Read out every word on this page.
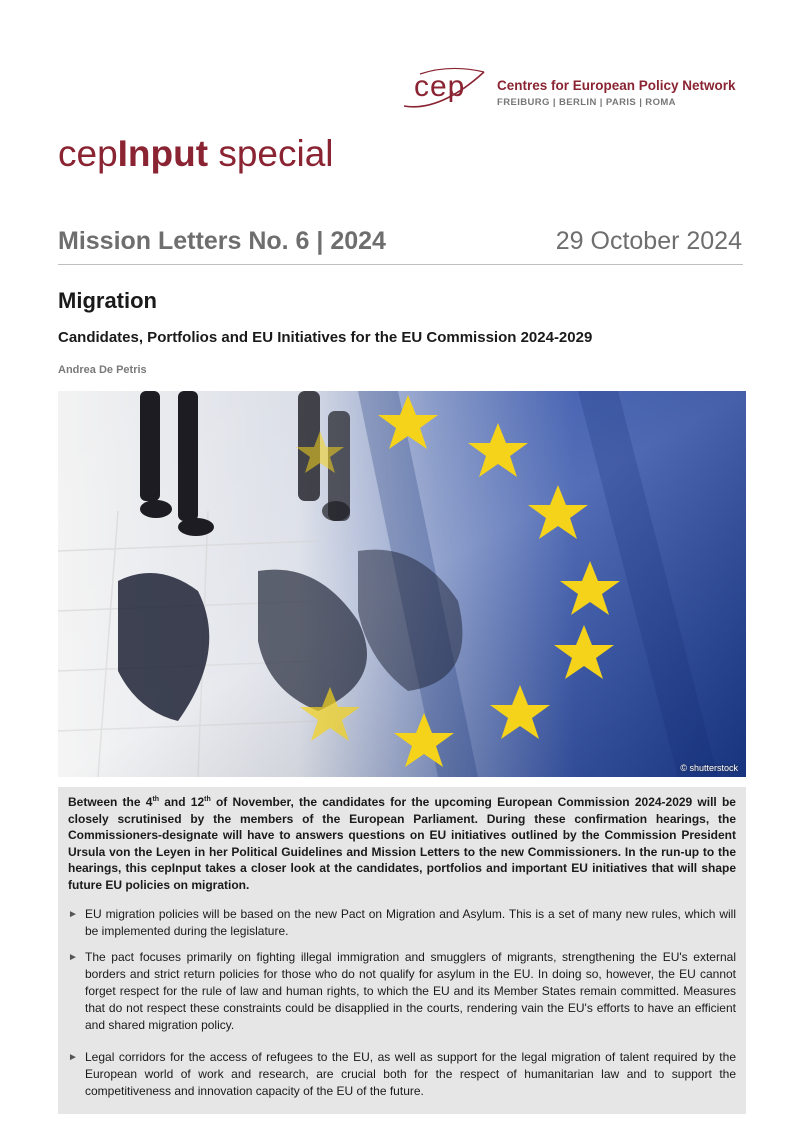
cep Centres for European Policy Network
FREIBURG | BERLIN | PARIS | ROMA
cepInput special
Mission Letters No. 6 | 2024	29 October 2024
Migration
Candidates, Portfolios and EU Initiatives for the EU Commission 2024-2029
Andrea De Petris
© shutterstock

Between the 4th and 12th of November, the candidates for the upcoming European Commission 2024-2029 will be closely scrutinised by the members of the European Parliament. During these confirmation hearings, the Commissioners-designate will have to answers questions on EU initiatives outlined by the Commission President Ursula von the Leyen in her Political Guidelines and Mission Letters to the new Commissioners. In the run-up to the hearings, this cepInput takes a closer look at the candidates, portfolios and important EU initiatives that will shape future EU policies on migration.

► EU migration policies will be based on the new Pact on Migration and Asylum. This is a set of many new rules, which will be implemented during the legislature.
► The pact focuses primarily on fighting illegal immigration and smugglers of migrants, strengthening the EU's external borders and strict return policies for those who do not qualify for asylum in the EU. In doing so, however, the EU cannot forget respect for the rule of law and human rights, to which the EU and its Member States remain committed. Measures that do not respect these constraints could be disapplied in the courts, rendering vain the EU's efforts to have an efficient and shared migration policy.
► Legal corridors for the access of refugees to the EU, as well as support for the legal migration of talent required by the European world of work and research, are crucial both for the respect of humanitarian law and to support the competitiveness and innovation capacity of the EU of the future.
